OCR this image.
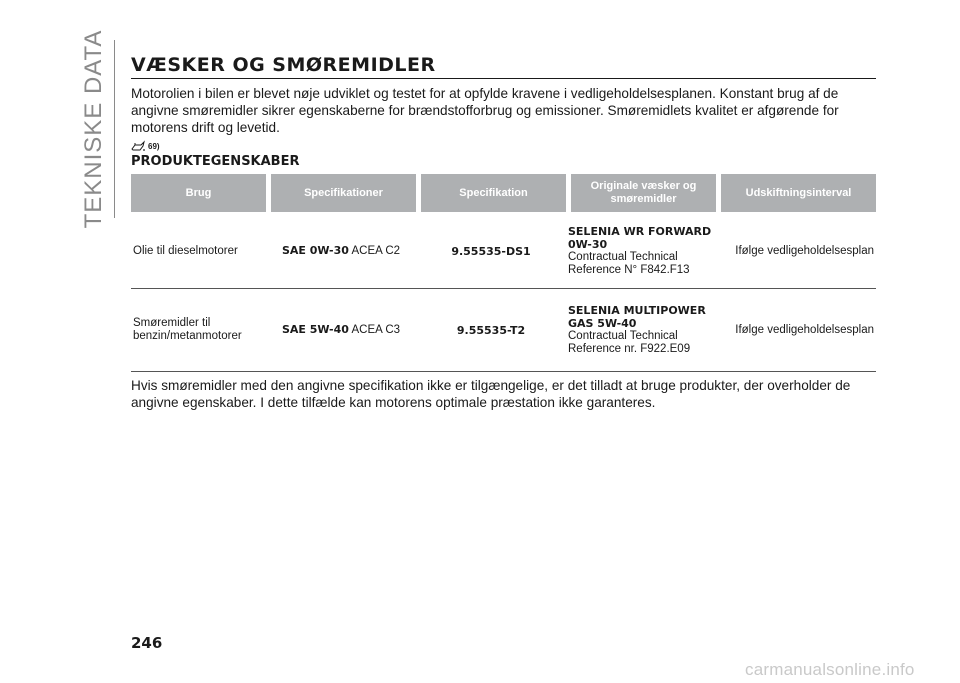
TEKNISKE DATA VÆSKER OG SMØREMIDLER

Motorolien i bilen er blevet nøje udviklet og testet for at opfylde kravene i vedligeholdelsesplanen. Konstant brug af de angivne smøremidler sikrer egenskaberne for brændstofforbrug og emissioner. Smøremidlets kvalitet er afgørende for motorens drift og levetid.

69)
PRODUKTEGENSKABER
Brug	Specifikationer	Specifikation	Originale væsker og smøremidler	Udskiftningsinterval
Olie til dieselmotorer	SAE 0W-30 ACEA C2	9.55535-DS1	SELENIA WR FORWARD 0W-30
Contractual Technical Reference N° F842.F13	Ifølge vedligeholdelsesplan
Smøremidler til benzin/metanmotorer	SAE 5W-40 ACEA C3	9.55535-T2	SELENIA MULTIPOWER GAS 5W-40
Contractual Technical Reference nr. F922.E09	Ifølge vedligeholdelsesplan

Hvis smøremidler med den angivne specifikation ikke er tilgængelige, er det tilladt at bruge produkter, der overholder de angivne egenskaber. I dette tilfælde kan motorens optimale præstation ikke garanteres.

246
carmanualsonline.info
